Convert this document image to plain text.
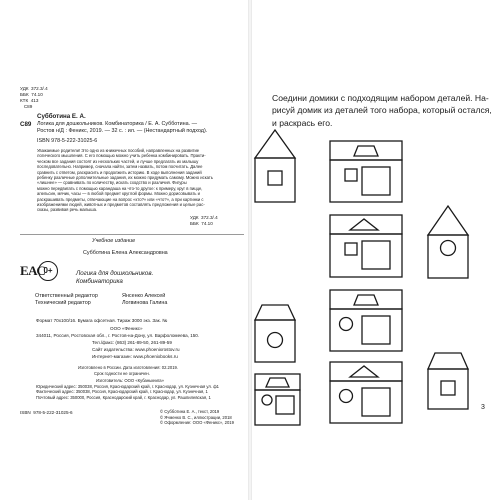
УДК  372.3/.4

ББК  74.10

КТК  413

С89

Субботина Е. А.

С89 Логика для дошкольников. Комбинаторика / Е. А. Субботина. —

Ростов н/Д : Феникс, 2019. — 32 с. : ил. — (Нестандартный подход).

ISBN 978-5-222-31025-6

Уважаемые родители! Это одно из книжечных пособий, направленных на развитие

логического мышления. С его помощью можно учить ребенка комбинировать. Практи-

ческом все задания состоят из нескольких частей, и лучше предлагать их малышу

последовательно. Например, сначала найти, затем назвать, потом посчитать. Далее

сравнить с ответом, раскрасить и продолжить историю. В ходе выполнения заданий

ребенку различные дополнительные задания, их можно придумать самому. Можно искать

«лишнее» — сравнивать по количеству, искать сходство и различия. Фигуры

можно передвигать с помощью карандаша на что-то другое: к примеру, круг в пицце,

апельсин, мячик, часы — в любой предмет круглой формы. Можно дорисовывать и

раскрашивать предметы, отвечающие на вопрос «кто?» или «что?», а при картинки с

изображениями людей, животных и предметов составлять предложения и целые рас-

сказы, развивая речь малыша.

УДК  372.3/.4

ББК  74.10

Учебное издание

Субботина Елена Александровна

ЕАС
0+	Логика для дошкольников.

Комбинаторика

Ответственный редактор	Янсенко Алексей

Технический редактор	Логвинова Галина

Формат 70х100/16. Бумага офсетная. Тираж 3000 экз. Зак. №

ООО «Феникс»

344011, Россия, Ростовская обл., г. Ростов-на-Дону, ул. Варфоломеева, 150.

Тел./факс: (863) 261-89-50, 261-89-59

Сайт издательства: www.phoenixrostov.ru

Интернет-магазин: www.phoenixbooks.ru

Изготовлено в России. Дата изготовления: 02.2019.

Срок годности не ограничен.

Изготовитель: ООО «Кубанькнига»

Юридический адрес: 350038, Россия, Краснодарский край, г. Краснодар, ул. Кузнечная ул. ф1

Фактический адрес: 350038, Россия, Краснодарский край, г. Краснодар, ул. Кузнечная, 1

Почтовый адрес: 350000, Россия, Краснодарский край, г. Краснодар, ул. Рашпилевская, 1

ISBN  978-5-222-31025-6	© Субботина Е. А., текст, 2019

© Ячменко В. С., иллюстрации, 2018

© Оформление: ООО «Феникс», 2019

Соедини домики с подходящим набором деталей. На-рисуй домик из деталей того набора, который остался, и раскрась его.

3
